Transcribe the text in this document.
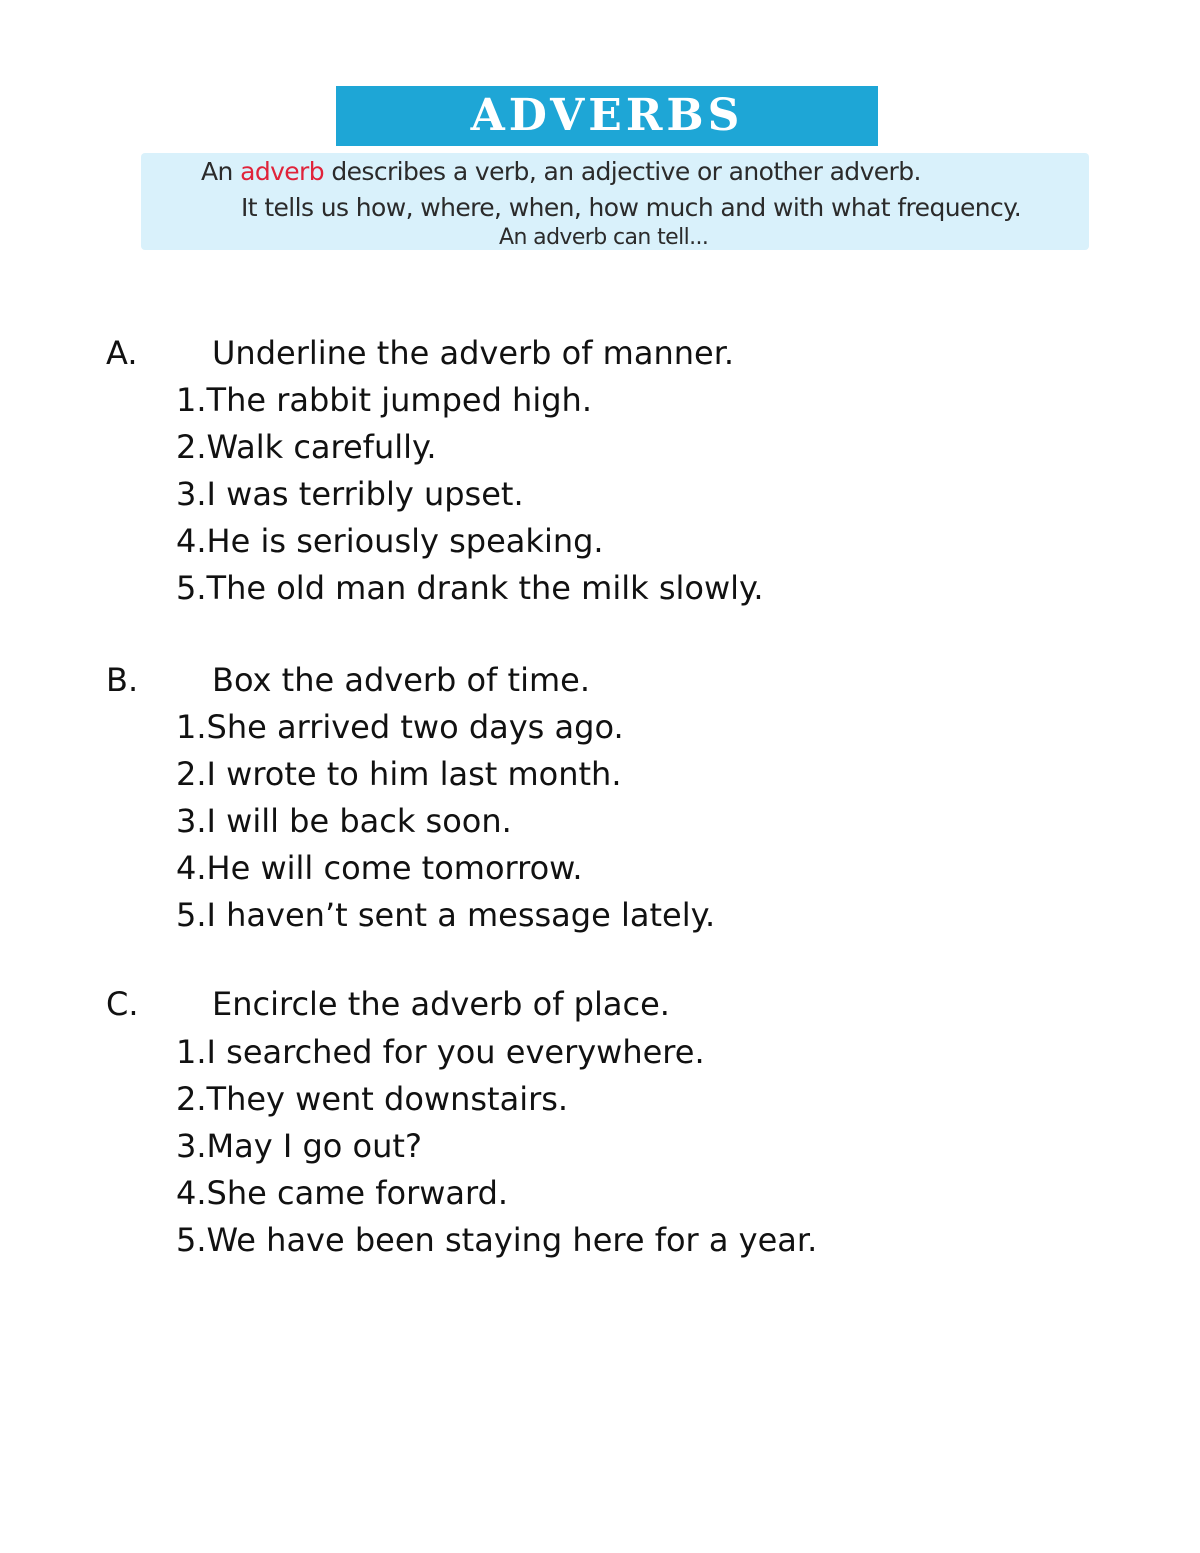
ADVERBS
An adverb describes a verb, an adjective or another adverb.
It tells us how, where, when, how much and with what frequency.
An adverb can tell...
A. Underline the adverb of manner.
1.The rabbit jumped high.
2.Walk carefully.
3.I was terribly upset.
4.He is seriously speaking.
5.The old man drank the milk slowly.
B. Box the adverb of time.
1.She arrived two days ago.
2.I wrote to him last month.
3.I will be back soon.
4.He will come tomorrow.
5.I haven’t sent a message lately.
C. Encircle the adverb of place.
1.I searched for you everywhere.
2.They went downstairs.
3.May I go out?
4.She came forward.
5.We have been staying here for a year.
